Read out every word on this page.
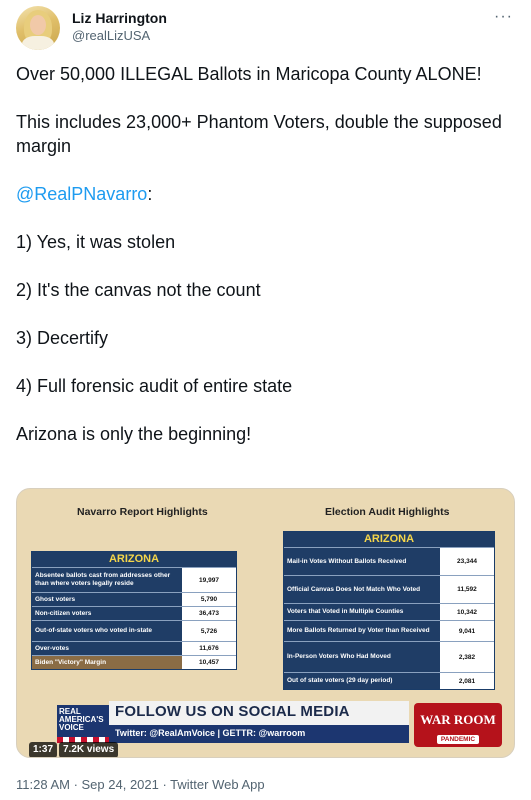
Liz Harrington
@realLizUSA
···

Over 50,000 ILLEGAL Ballots in Maricopa County ALONE!

This includes 23,000+ Phantom Voters, double the supposed margin

@RealPNavarro:

1) Yes, it was stolen

2) It's the canvas not the count

3) Decertify

4) Full forensic audit of entire state

Arizona is only the beginning!

Navarro Report Highlights	Election Audit Highlights
ARIZONA
Absentee ballots cast from addresses other than where voters legally reside	19,997
Ghost voters	5,790
Non-citizen voters	36,473
Out-of-state voters who voted in-state	5,726
Over-votes	11,676
Biden "Victory" Margin	10,457
ARIZONA
Mail-in Votes Without Ballots Received	23,344
Official Canvas Does Not Match Who Voted	11,592
Voters that Voted in Multiple Counties	10,342
More Ballots Returned by Voter than Received	9,041
In-Person Voters Who Had Moved	2,382
Out of state voters (29 day period)	2,081
REAL
AMERICA'S
VOICE
FOLLOW US ON SOCIAL MEDIA
Twitter: @RealAmVoice | GETTR: @warroom
WAR ROOM
PANDEMIC
1:37 7.2K views
11:28 AM · Sep 24, 2021 · Twitter Web App
